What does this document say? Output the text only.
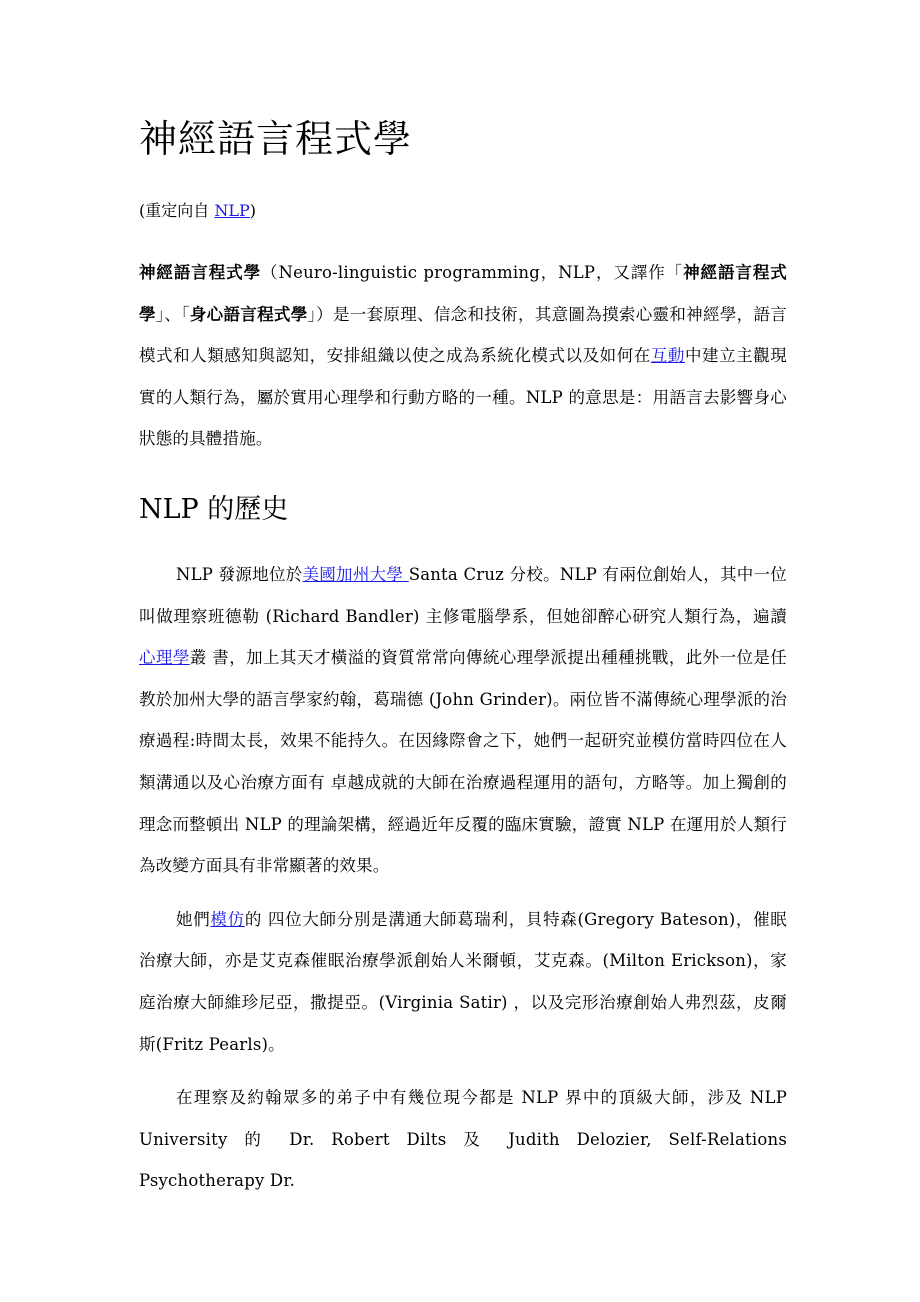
神經語言程式學
(重定向自 NLP)

神經語言程式學（Neuro-linguistic programming，NLP，又譯作「神經語言程式學」、「身心語言程式學」）是一套原理、信念和技術，其意圖為摸索心靈和神經學，語言模式和人類感知與認知，安排組織以使之成為系統化模式以及如何在互動中建立主觀現實的人類行為，屬於實用心理學和行動方略的一種。NLP 的意思是：用語言去影響身心狀態的具體措施。

NLP 的歷史

NLP 發源地位於美國加州大學 Santa Cruz 分校。NLP 有兩位創始人，其中一位叫做理察班德勒 (Richard Bandler) 主修電腦學系，但她卻醉心研究人類行為，遍讀心理學叢 書，加上其天才橫溢的資質常常向傳統心理學派提出種種挑戰，此外一位是任教於加州大學的語言學家約翰，葛瑞德 (John Grinder)。兩位皆不滿傳統心理學派的治療過程:時間太長，效果不能持久。在因緣際會之下，她們一起研究並模仿當時四位在人類溝通以及心治療方面有 卓越成就的大師在治療過程運用的語句，方略等。加上獨創的理念而整頓出 NLP 的理論架構，經過近年反覆的臨床實驗，證實 NLP 在運用於人類行為改變方面具有非常顯著的效果。

她們模仿的 四位大師分別是溝通大師葛瑞利，貝特森(Gregory Bateson)，催眠治療大師，亦是艾克森催眠治療學派創始人米爾頓，艾克森。(Milton Erickson)，家庭治療大師維珍尼亞，撒提亞。(Virginia Satir) ，以及完形治療創始人弗烈茲，皮爾斯(Fritz Pearls)。

在理察及約翰眾多的弟子中有幾位現今都是 NLP 界中的頂級大師，涉及 NLP University 的 Dr. Robert Dilts 及 Judith Delozier, Self-Relations Psychotherapy Dr.
